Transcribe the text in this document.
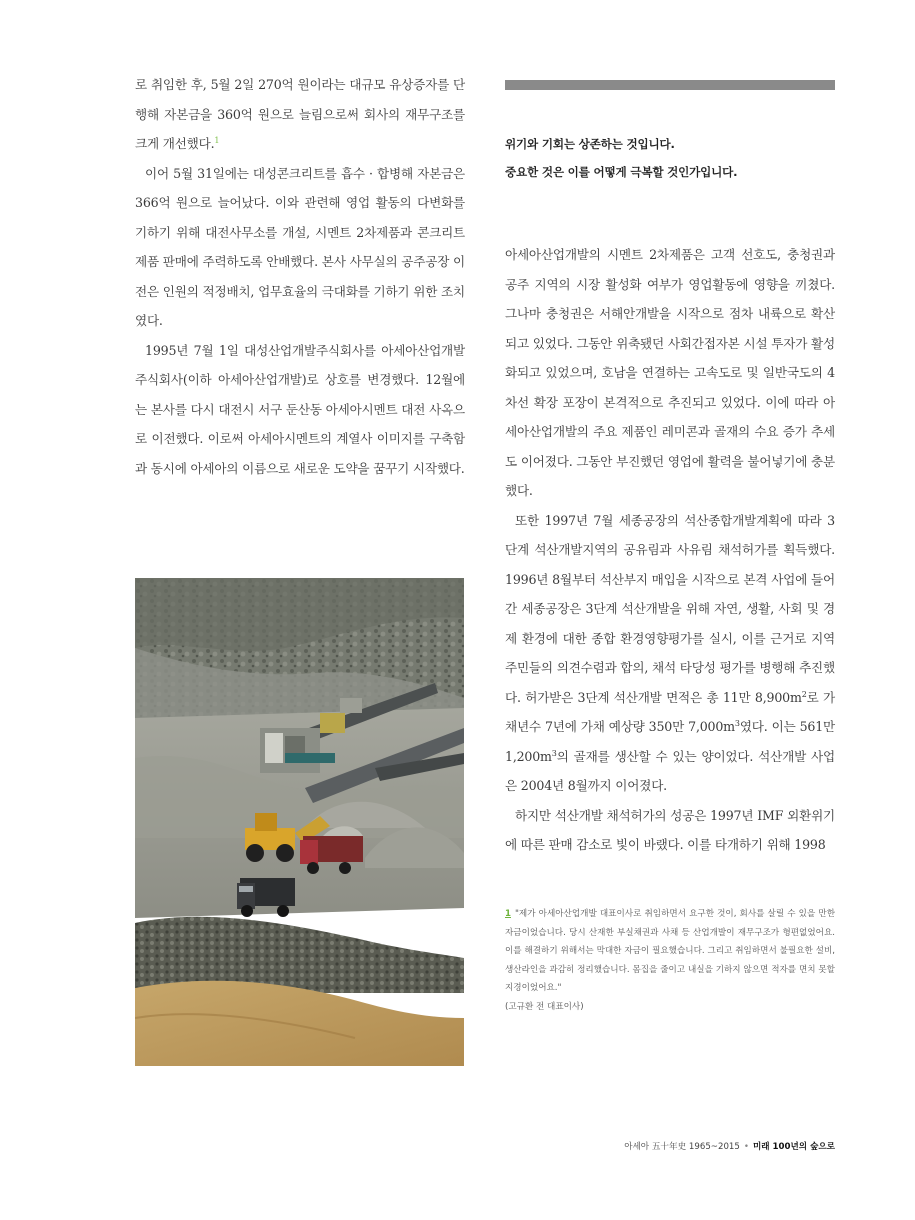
로 취임한 후, 5월 2일 270억 원이라는 대규모 유상증자를 단행해 자본금을 360억 원으로 늘림으로써 회사의 재무구조를 크게 개선했다.$^1$

이어 5월 31일에는 대성콘크리트를 흡수 · 합병해 자본금은 366억 원으로 늘어났다. 이와 관련해 영업 활동의 다변화를 기하기 위해 대전사무소를 개설, 시멘트 2차제품과 콘크리트 제품 판매에 주력하도록 안배했다. 본사 사무실의 공주공장 이전은 인원의 적정배치, 업무효율의 극대화를 기하기 위한 조치였다.

1995년 7월 1일 대성산업개발주식회사를 아세아산업개발주식회사(이하 아세아산업개발)로 상호를 변경했다. 12월에는 본사를 다시 대전시 서구 둔산동 아세아시멘트 대전 사옥으로 이전했다. 이로써 아세아시멘트의 계열사 이미지를 구축함과 동시에 아세아의 이름으로 새로운 도약을 꿈꾸기 시작했다.

위기와 기회는 상존하는 것입니다.
중요한 것은 이를 어떻게 극복할 것인가입니다.

아세아산업개발의 시멘트 2차제품은 고객 선호도, 충청권과 공주 지역의 시장 활성화 여부가 영업활동에 영향을 끼쳤다. 그나마 충청권은 서해안개발을 시작으로 점차 내륙으로 확산되고 있었다. 그동안 위축됐던 사회간접자본 시설 투자가 활성화되고 있었으며, 호남을 연결하는 고속도로 및 일반국도의 4차선 확장 포장이 본격적으로 추진되고 있었다. 이에 따라 아세아산업개발의 주요 제품인 레미콘과 골재의 수요 증가 추세도 이어졌다. 그동안 부진했던 영업에 활력을 불어넣기에 충분했다.

또한 1997년 7월 세종공장의 석산종합개발계획에 따라 3단계 석산개발지역의 공유림과 사유림 채석허가를 획득했다. 1996년 8월부터 석산부지 매입을 시작으로 본격 사업에 들어간 세종공장은 3단계 석산개발을 위해 자연, 생활, 사회 및 경제 환경에 대한 종합 환경영향평가를 실시, 이를 근거로 지역 주민들의 의견수렴과 합의, 채석 타당성 평가를 병행해 추진했다. 허가받은 3단계 석산개발 면적은 총 11만 $8,900m^2$로 가채년수 7년에 가채 예상량 350만 $7,000m^3$였다. 이는 561만 $1,200m^3$의 골재를 생산할 수 있는 양이었다. 석산개발 사업은 2004년 8월까지 이어졌다.

하지만 석산개발 채석허가의 성공은 1997년 IMF 외환위기에 따른 판매 감소로 빛이 바랬다. 이를 타개하기 위해 1998

1 "제가 아세아산업개발 대표이사로 취임하면서 요구한 것이, 회사를 살릴 수 있을 만한 자금이었습니다. 당시 산재한 부실채권과 사채 등 산업개발이 재무구조가 형편없었어요. 이를 해결하기 위해서는 막대한 자금이 필요했습니다. 그리고 취임하면서 불필요한 설비, 생산라인을 과감히 정리했습니다. 몸집을 줄이고 내실을 기하지 않으면 적자를 면치 못할 지경이었어요."
(고규환 전 대표이사)
아세아 五十年史 1965~2015 • 미래 100년의 숲으로
